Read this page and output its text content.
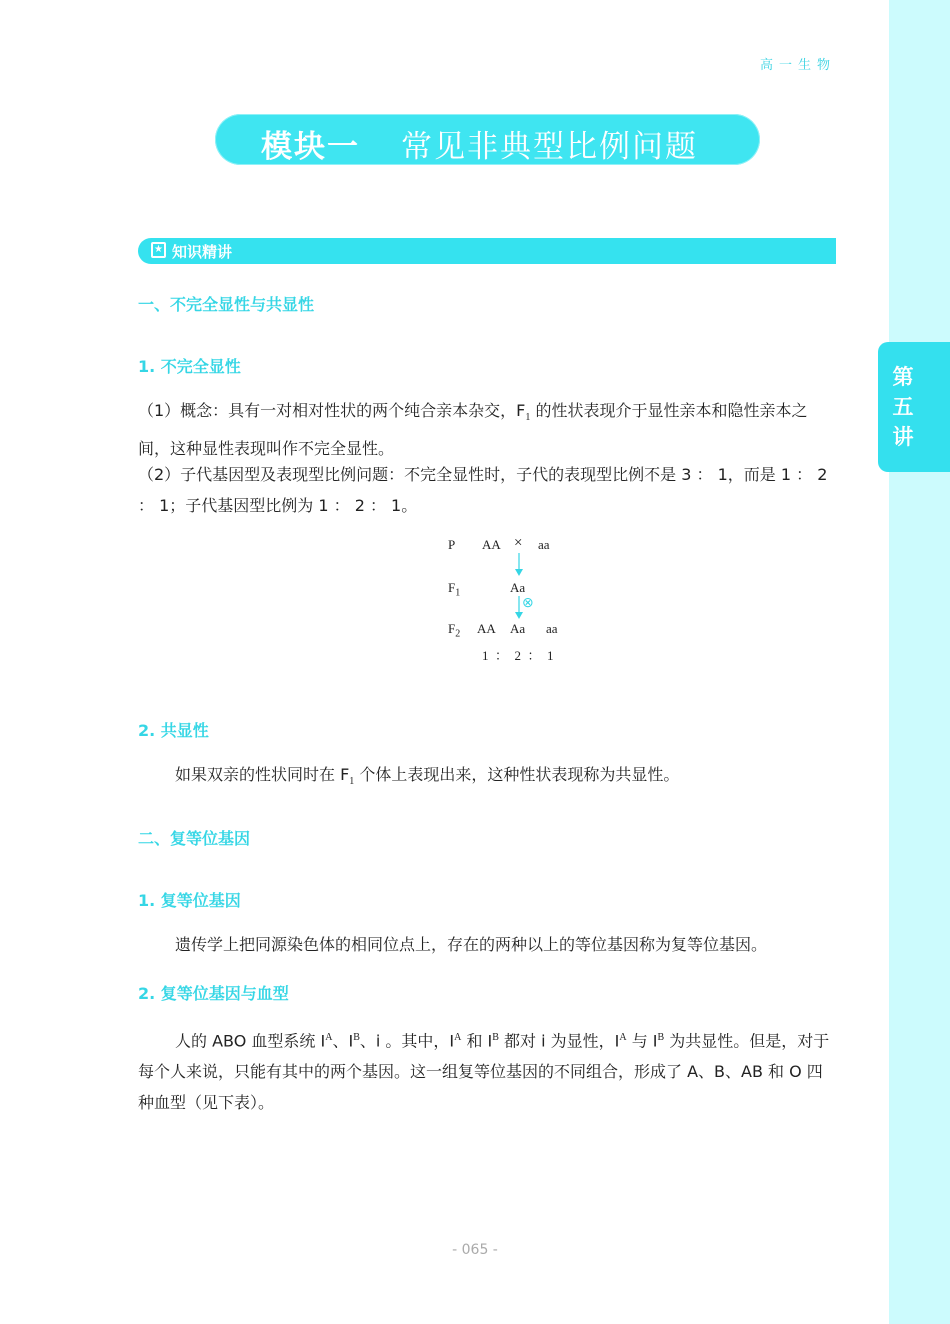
第
五
讲
高一生物
模块一 常见非典型比例问题
★ 知识精讲
一、不完全显性与共显性
1. 不完全显性
（1）概念：具有一对相对性状的两个纯合亲本杂交，$F_1$ 的性状表现介于显性亲本和隐性亲本之间，这种显性表现叫作不完全显性。
（2）子代基因型及表现型比例问题：不完全显性时，子代的表现型比例不是 3 ： 1，而是 1 ： 2 ： 1；子代基因型比例为 1 ： 2 ： 1。
P AA × aa
$F_1$	Aa
⊗
$F_2$ AA Aa aa
1  ：  2  ：  1
2. 共显性
如果双亲的性状同时在 $F_1$ 个体上表现出来，这种性状表现称为共显性。
二、复等位基因
1. 复等位基因
遗传学上把同源染色体的相同位点上，存在的两种以上的等位基因称为复等位基因。
2. 复等位基因与血型
人的 ABO 血型系统 $I^A$、$I^B$、i 。其中，$I^A$ 和 $I^B$ 都对 i 为显性，$I^A$ 与 $I^B$ 为共显性。但是，对于每个人来说，只能有其中的两个基因。这一组复等位基因的不同组合，形成了 A、B、AB 和 O 四种血型（见下表）。
- 065 -
